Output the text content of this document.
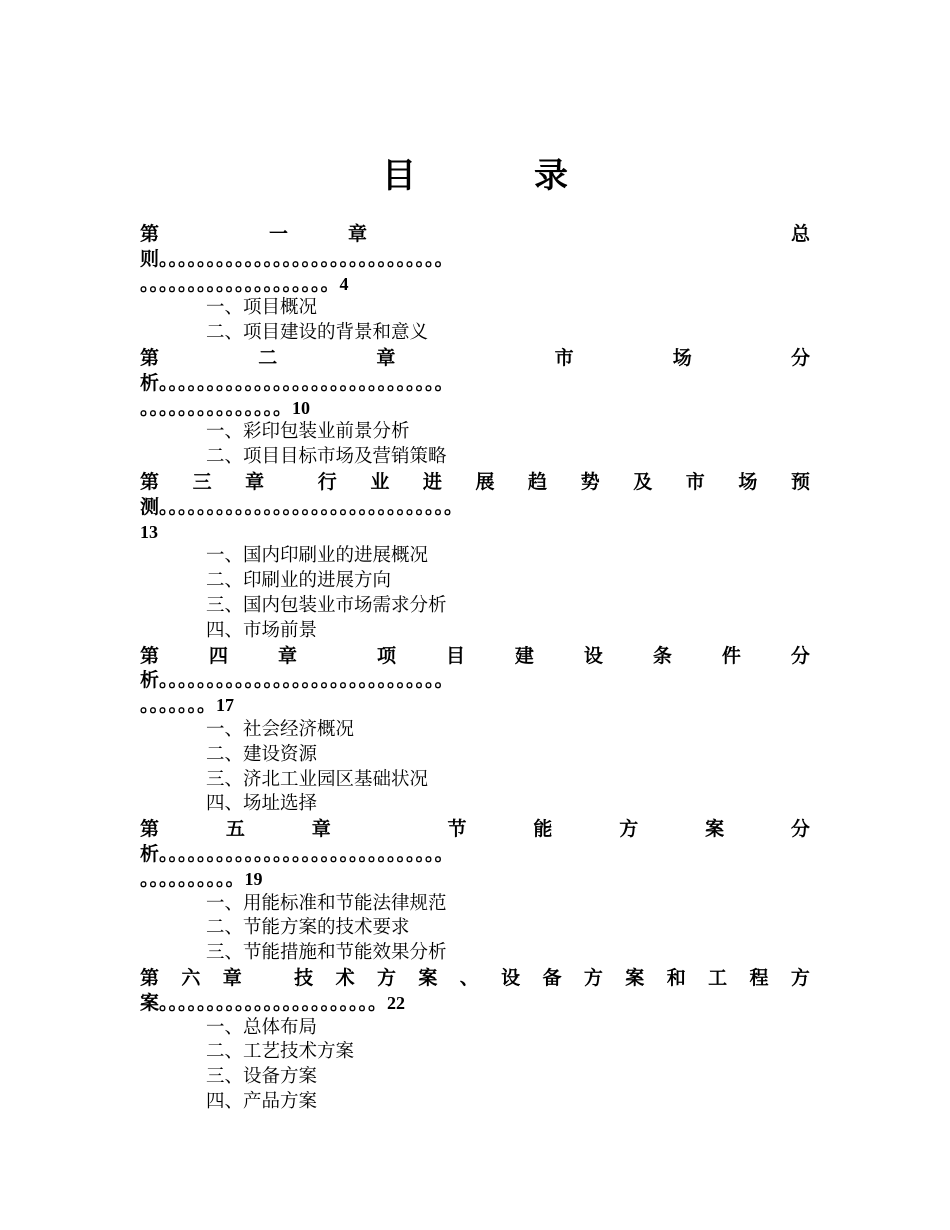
目	录
第	一	章	总
则。。。。。。。。。。。。。。。。。。。。。。。。。。。。。。
。。。。。。。。。。。。。。。。。。。。4
一、项目概况
二、项目建设的背景和意义
第	二	章	市	场	分
析。。。。。。。。。。。。。。。。。。。。。。。。。。。。。。
。。。。。。。。。。。。。。。10
一、彩印包装业前景分析
二、项目目标市场及营销策略
第 三 章	行 业 进 展 趋 势 及 市 场 预
测。。。。。。。。。。。。。。。。。。。。。。。。。。。。。。。
13
一、国内印刷业的进展概况
二、印刷业的进展方向
三、国内包装业市场需求分析
四、市场前景
第	四	章	项	目	建	设	条	件	分
析。。。。。。。。。。。。。。。。。。。。。。。。。。。。。。
。。。。。。。17
一、社会经济概况
二、建设资源
三、济北工业园区基础状况
四、场址选择
第	五	章	节	能	方	案	分
析。。。。。。。。。。。。。。。。。。。。。。。。。。。。。。
。。。。。。。。。。19
一、用能标准和节能法律规范
二、节能方案的技术要求
三、节能措施和节能效果分析
第 六 章	技 术 方 案 、 设 备 方 案 和 工 程 方
案。。。。。。。。。。。。。。。。。。。。。。。22
一、总体布局
二、工艺技术方案
三、设备方案
四、产品方案
